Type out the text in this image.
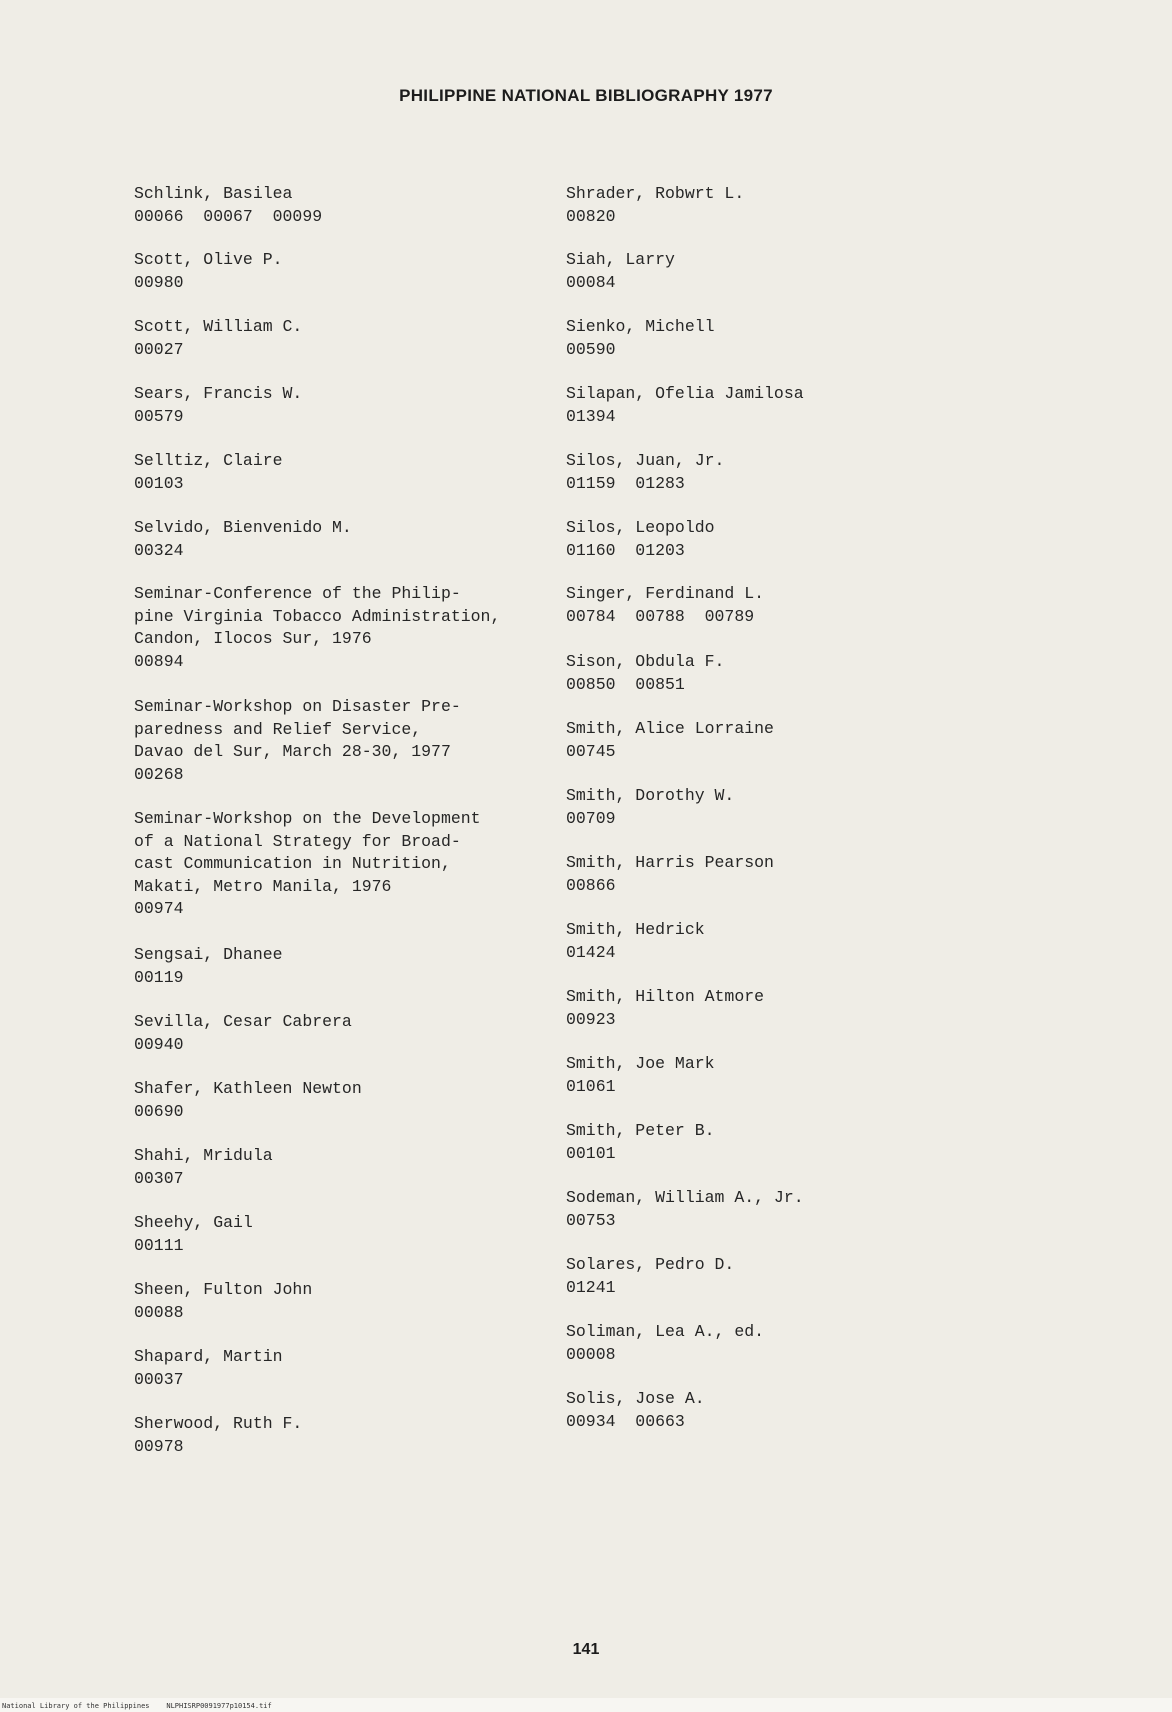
PHILIPPINE NATIONAL BIBLIOGRAPHY 1977
Schlink, Basilea
00066  00067  00099
Scott, Olive P.
00980
Scott, William C.
00027
Sears, Francis W.
00579
Selltiz, Claire
00103
Selvido, Bienvenido M.
00324
Seminar-Conference of the Philip-
pine Virginia Tobacco Administration,
Candon, Ilocos Sur, 1976
00894
Seminar-Workshop on Disaster Pre-
paredness and Relief Service,
Davao del Sur, March 28-30, 1977
00268
Seminar-Workshop on the Development
of a National Strategy for Broad-
cast Communication in Nutrition,
Makati, Metro Manila, 1976
00974
Sengsai, Dhanee
00119
Sevilla, Cesar Cabrera
00940
Shafer, Kathleen Newton
00690
Shahi, Mridula
00307
Sheehy, Gail
00111
Sheen, Fulton John
00088
Shapard, Martin
00037
Sherwood, Ruth F.
00978
Shrader, Robwrt L.
00820
Siah, Larry
00084
Sienko, Michell
00590
Silapan, Ofelia Jamilosa
01394
Silos, Juan, Jr.
01159  01283
Silos, Leopoldo
01160  01203
Singer, Ferdinand L.
00784  00788  00789
Sison, Obdula F.
00850  00851
Smith, Alice Lorraine
00745
Smith, Dorothy W.
00709
Smith, Harris Pearson
00866
Smith, Hedrick
01424
Smith, Hilton Atmore
00923
Smith, Joe Mark
01061
Smith, Peter B.
00101
Sodeman, William A., Jr.
00753
Solares, Pedro D.
01241
Soliman, Lea A., ed.
00008
Solis, Jose A.
00934  00663
141
National Library of the Philippines    NLPHISRP0091977p10154.tif
